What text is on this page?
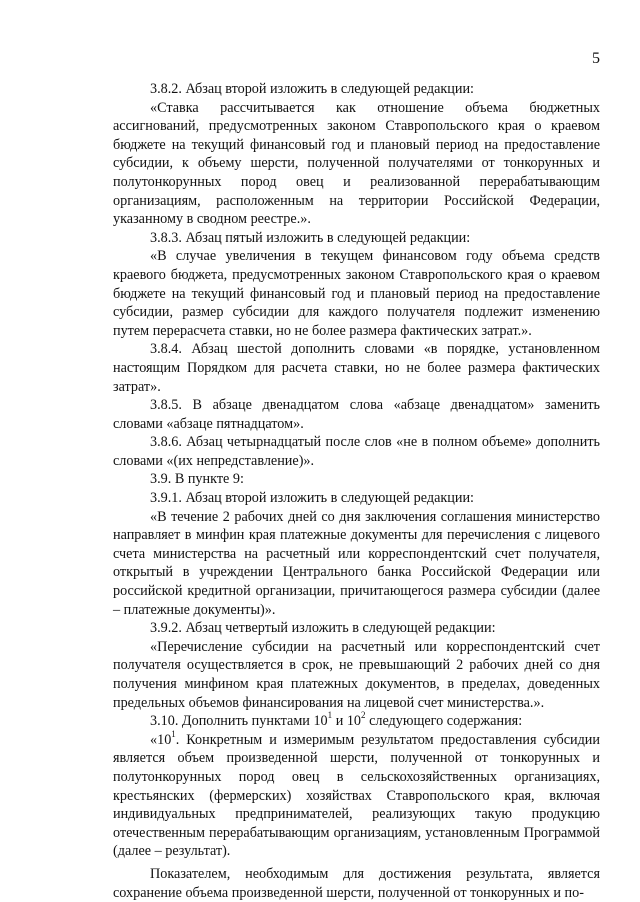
5

3.8.2. Абзац второй изложить в следующей редакции:

«Ставка рассчитывается как отношение объема бюджетных ассигнований, предусмотренных законом Ставропольского края о краевом бюджете на текущий финансовый год и плановый период на предоставление субсидии, к объему шерсти, полученной получателями от тонкорунных и полутонкорунных пород овец и реализованной перерабатывающим организациям, расположенным на территории Российской Федерации, указанному в сводном реестре.».

3.8.3. Абзац пятый изложить в следующей редакции:

«В случае увеличения в текущем финансовом году объема средств краевого бюджета, предусмотренных законом Ставропольского края о краевом бюджете на текущий финансовый год и плановый период на предоставление субсидии, размер субсидии для каждого получателя подлежит изменению путем перерасчета ставки, но не более размера фактических затрат.».

3.8.4. Абзац шестой дополнить словами «в порядке, установленном настоящим Порядком для расчета ставки, но не более размера фактических затрат».

3.8.5. В абзаце двенадцатом слова «абзаце двенадцатом» заменить словами «абзаце пятнадцатом».

3.8.6. Абзац четырнадцатый после слов «не в полном объеме» дополнить словами «(их непредставление)».

3.9. В пункте 9:

3.9.1. Абзац второй изложить в следующей редакции:

«В течение 2 рабочих дней со дня заключения соглашения министерство направляет в минфин края платежные документы для перечисления с лицевого счета министерства на расчетный или корреспондентский счет получателя, открытый в учреждении Центрального банка Российской Федерации или российской кредитной организации, причитающегося размера субсидии (далее – платежные документы)».

3.9.2. Абзац четвертый изложить в следующей редакции:

«Перечисление субсидии на расчетный или корреспондентский счет получателя осуществляется в срок, не превышающий 2 рабочих дней со дня получения минфином края платежных документов, в пределах, доведенных предельных объемов финансирования на лицевой счет министерства.».

3.10. Дополнить пунктами $10^1$ и $10^2$ следующего содержания:

«$10^1$. Конкретным и измеримым результатом предоставления субсидии является объем произведенной шерсти, полученной от тонкорунных и полутонкорунных пород овец в сельскохозяйственных организациях, крестьянских (фермерских) хозяйствах Ставропольского края, включая индивидуальных предпринимателей, реализующих такую продукцию отечественным перерабатывающим организациям, установленным Программой (далее – результат).

Показателем, необходимым для достижения результата, является сохранение объема произведенной шерсти, полученной от тонкорунных и по-
